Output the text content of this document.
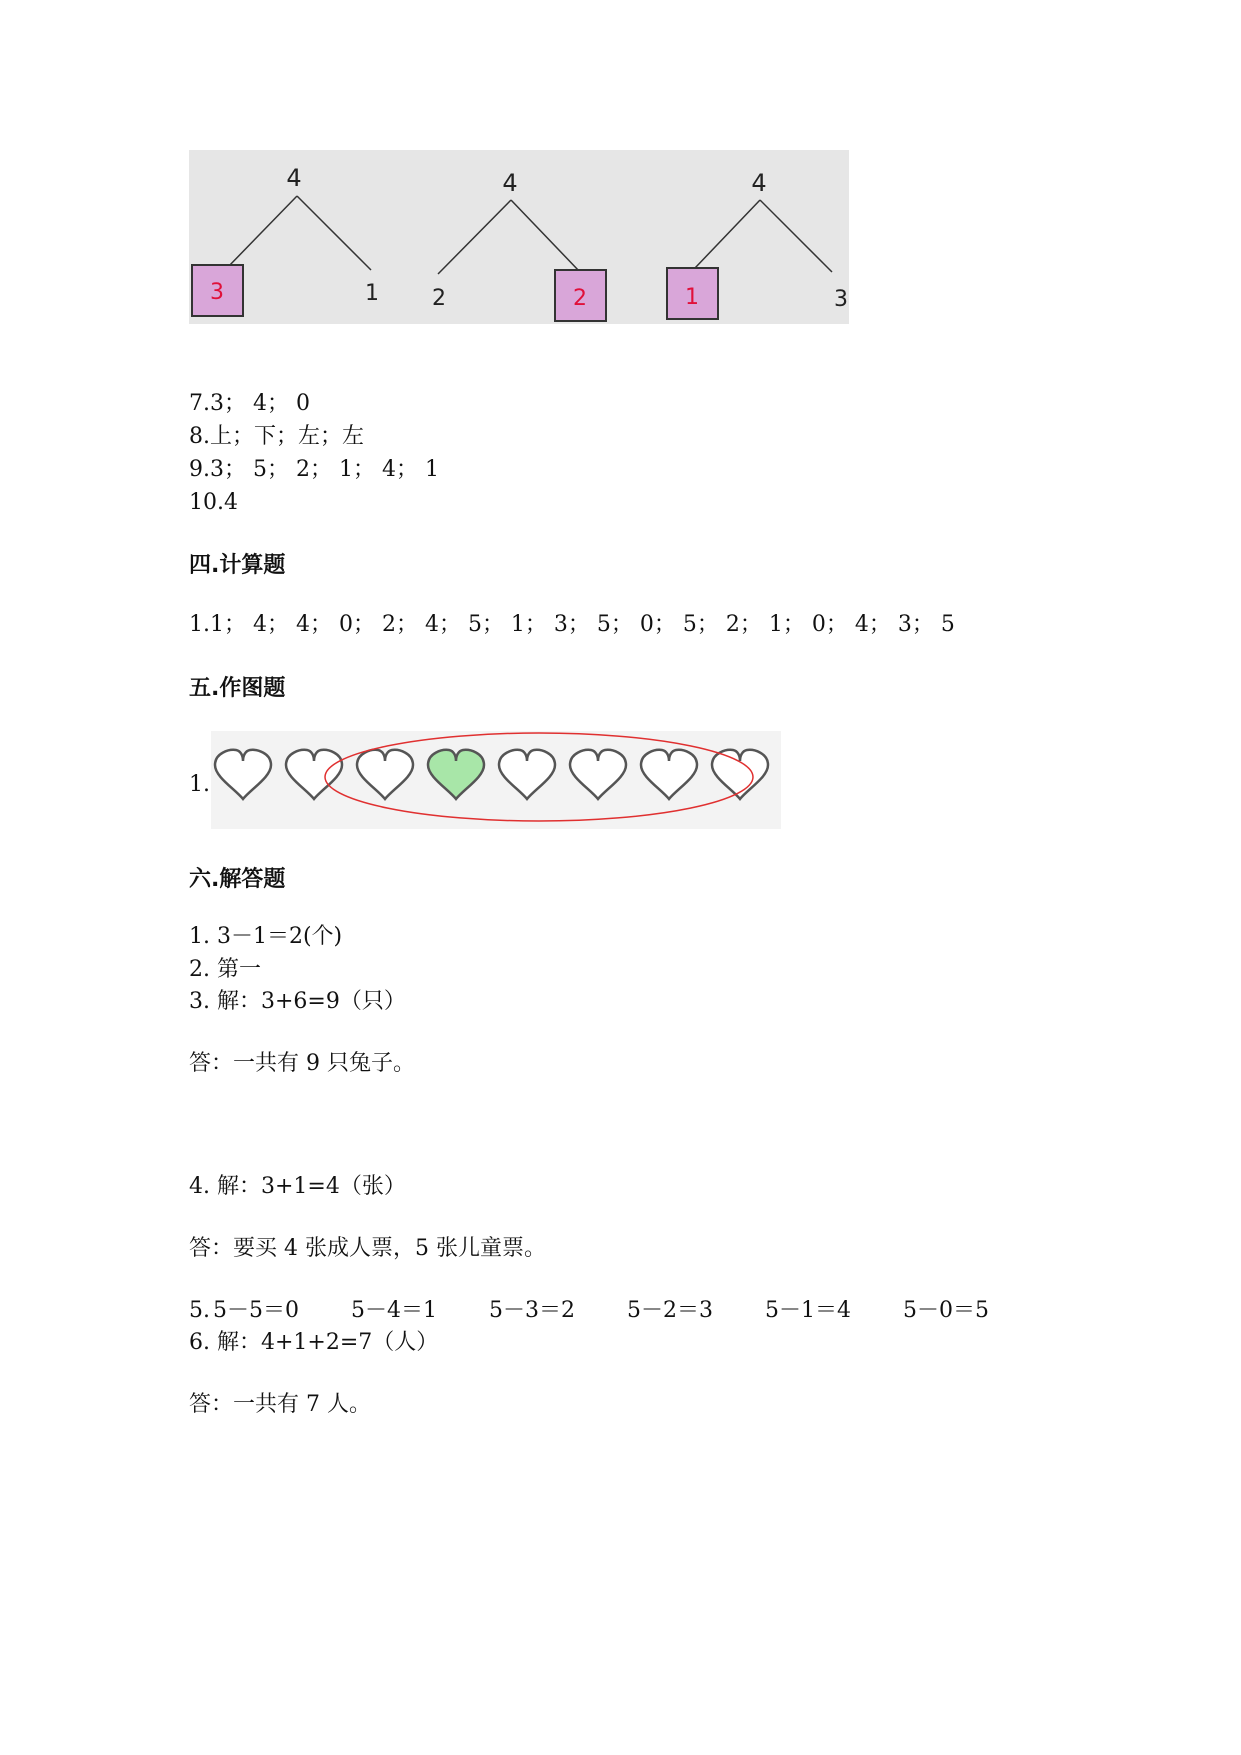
4
3	1
4
2	2
4
1	3
7.3； 4； 0
8.上；下；左；左
9.3； 5； 2； 1； 4； 1
10.4
四.计算题
1.1； 4； 4； 0； 2； 4； 5； 1； 3； 5； 0； 5； 2； 1； 0； 4； 3； 5
五.作图题
1.
六.解答题
1. 3－1＝2(个)
2. 第一
3. 解：3+6=9（只）
答：一共有 9 只兔子。
4. 解：3+1=4（张）
答：要买 4 张成人票，5 张儿童票。
5. 5－5＝0 5－4＝1 5－3＝2 5－2＝3 5－1＝4 5－0＝5
6. 解：4+1+2=7（人）
答：一共有 7 人。
